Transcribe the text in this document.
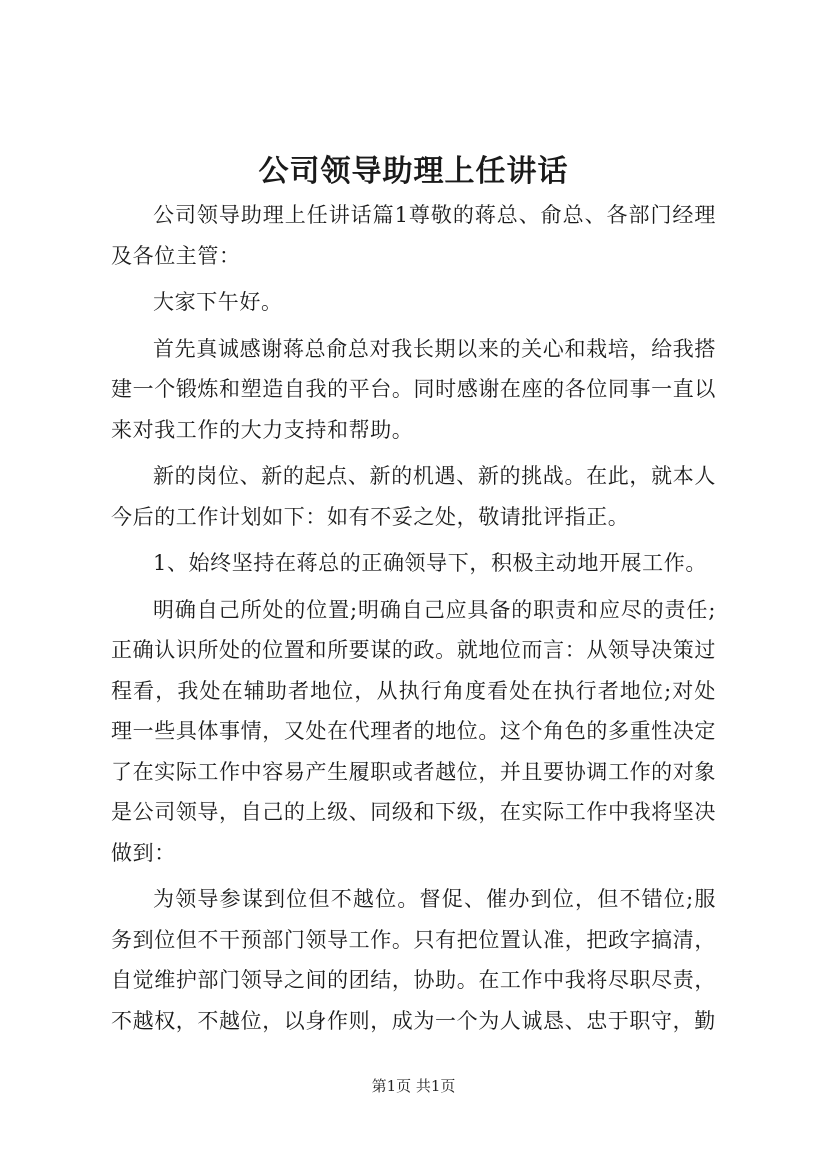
公司领导助理上任讲话

公司领导助理上任讲话篇1尊敬的蒋总、俞总、各部门经理及各位主管：

大家下午好。

首先真诚感谢蒋总俞总对我长期以来的关心和栽培，给我搭建一个锻炼和塑造自我的平台。同时感谢在座的各位同事一直以来对我工作的大力支持和帮助。

新的岗位、新的起点、新的机遇、新的挑战。在此，就本人今后的工作计划如下：如有不妥之处，敬请批评指正。

1、始终坚持在蒋总的正确领导下，积极主动地开展工作。

明确自己所处的位置;明确自己应具备的职责和应尽的责任;正确认识所处的位置和所要谋的政。就地位而言：从领导决策过程看，我处在辅助者地位，从执行角度看处在执行者地位;对处理一些具体事情，又处在代理者的地位。这个角色的多重性决定了在实际工作中容易产生履职或者越位，并且要协调工作的对象是公司领导，自己的上级、同级和下级，在实际工作中我将坚决做到：

为领导参谋到位但不越位。督促、催办到位，但不错位;服务到位但不干预部门领导工作。只有把位置认准，把政字搞清，自觉维护部门领导之间的团结，协助。在工作中我将尽职尽责，不越权，不越位，以身作则，成为一个为人诚恳、忠于职守，勤

第1页 共1页
